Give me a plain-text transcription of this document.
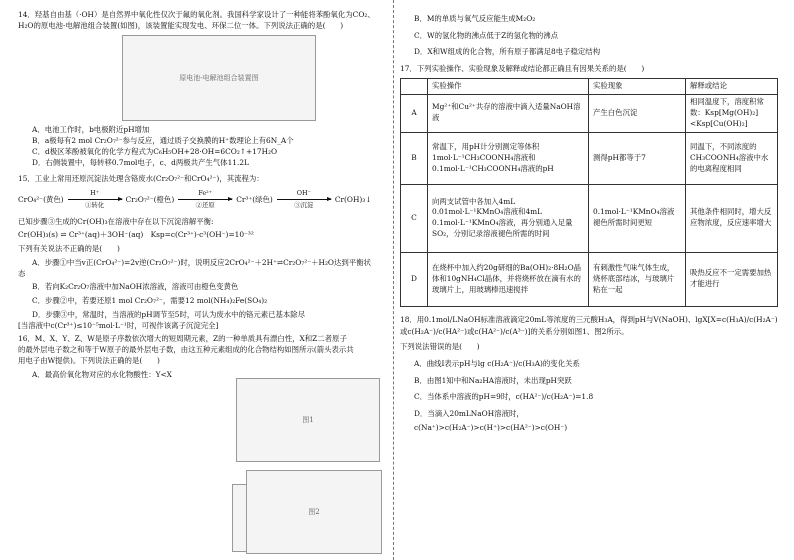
14．羟基自由基（·OH）是自然界中氧化性仅次于氟的氧化剂。我国科学家设计了一种能将苯酚氧化为CO₂、

H₂O的原电池-电解池组合装置(如图)，该装置能实现发电、环保二位一体。下列说法正确的是(　　)

原电池-电解池组合装置图

A．电池工作时，b电极附近pH增加

B．a极每有2 mol Cr₂O₇²⁻参与反应，通过质子交换膜的H⁺数理论上有6N_A个

C．d极区苯酚被氧化的化学方程式为C₆H₅OH+28·OH=6CO₂↑+17H₂O

D．右侧装置中，每转移0.7mol电子，c、d两极共产生气体11.2L

15．工业上常用还原沉淀法处理含铬废水(Cr₂O₇²⁻和CrO₄²⁻)，其流程为：

CrO₄²⁻(黄色)
H⁺
①转化
Cr₂O₇²⁻(橙色)
Fe²⁺
②还原
Cr³⁺(绿色)
OH⁻
③沉淀
Cr(OH)₃↓

已知步骤③生成的Cr(OH)₃在溶液中存在以下沉淀溶解平衡:

Cr(OH)₃(s) ⇌ Cr³⁺(aq)＋3OH⁻(aq)　Ksp=c(Cr³⁺)·c³(OH⁻)=10⁻³²

下列有关说法不正确的是(　　)

A．步骤①中当v正(CrO₄²⁻)=2v逆(Cr₂O₇²⁻)时，说明反应2CrO₄²⁻＋2H⁺⇌Cr₂O₇²⁻＋H₂O达到平衡状

态

B．若向K₂Cr₂O₇溶液中加NaOH浓溶液，溶液可由橙色变黄色

C．步骤②中，若要还原1 mol Cr₂O₇²⁻，需要12 mol(NH₄)₂Fe(SO₄)₂

D．步骤③中，常温时，当溶液的pH调节至5时，可认为废水中的铬元素已基本除尽

[当溶液中c(Cr³⁺)≤10⁻⁵mol·L⁻¹时，可视作该离子沉淀完全]

16．M、X、Y、Z、W是原子序数依次增大的短周期元素，Z的一种单质具有漂白性，X和Z二者原子

的最外层电子数之和等于W原子的最外层电子数，由这五种元素组成的化合物结构如图所示(箭头表示共

用电子由W提供)。下列说法正确的是(　　)

A．最高价氧化物对应的水化物酸性：Y<X

B．M的单质与氧气反应能生成M₂O₂

C．W的氢化物的沸点低于Z的氢化物的沸点

D．X和W组成的化合物，所有原子都满足8电子稳定结构

17．下列实验操作、实验现象及解释或结论都正确且有因果关系的是(　　)

	实验操作	实验现象	解释或结论
A	Mg²⁺和Cu²⁺共存的溶液中滴入适量NaOH溶液	产生白色沉淀	相同温度下，溶度积常数：Ksp[Mg(OH)₂]<Ksp[Cu(OH)₂]

B	常温下，用pH计分别测定等体积

1mol·L⁻¹CH₃COONH₄溶液和

0.1mol·L⁻¹CH₃COONH₄溶液的pH	测得pH都等于7	同温下，不同浓度的CH₃COONH₄溶液中水的电离程度相同

C	向两支试管中各加入4mL

0.01mol·L⁻¹KMnO₄溶液和4mL

0.1mol·L⁻¹KMnO₄溶液，再分别通入足量SO₂，分别记录溶液褪色所需的时间	0.1mol·L⁻¹KMnO₄溶液褪色所需时间更短	其他条件相同时，增大反应物浓度，反应速率增大

D	在烧杯中加入约20g研细的Ba(OH)₂·8H₂O晶体和10gNH₄Cl晶体，并将烧杯放在滴有水的玻璃片上，用玻璃棒迅速搅拌	有刺激性气味气体生成，烧杯底部结冰，与玻璃片粘在一起	吸热反应不一定需要加热才能进行

18．用0.1mol/LNaOH标准溶液滴定20mL等浓度的三元酸H₃A，得到pH与V(NaOH)、lgX[X=c(H₃A)/c(H₂A⁻)

或c(H₂A⁻)/c(HA²⁻)或c(HA²⁻)/c(A³⁻)]的关系分别如图1、图2所示。

下列说法错误的是(　　)

A．曲线Ⅰ表示pH与lg c(H₂A⁻)/c(H₃A)的变化关系

B．由图1知中和Na₂HA溶液时，未出现pH突跃

C．当体系中溶液的pH=9时，c(HA²⁻)/c(H₂A⁻)=1.8

D．当滴入20mLNaOH溶液时，

c(Na⁺)>c(H₂A⁻)>c(H⁺)>c(HA²⁻)>c(OH⁻)

图1
图2
